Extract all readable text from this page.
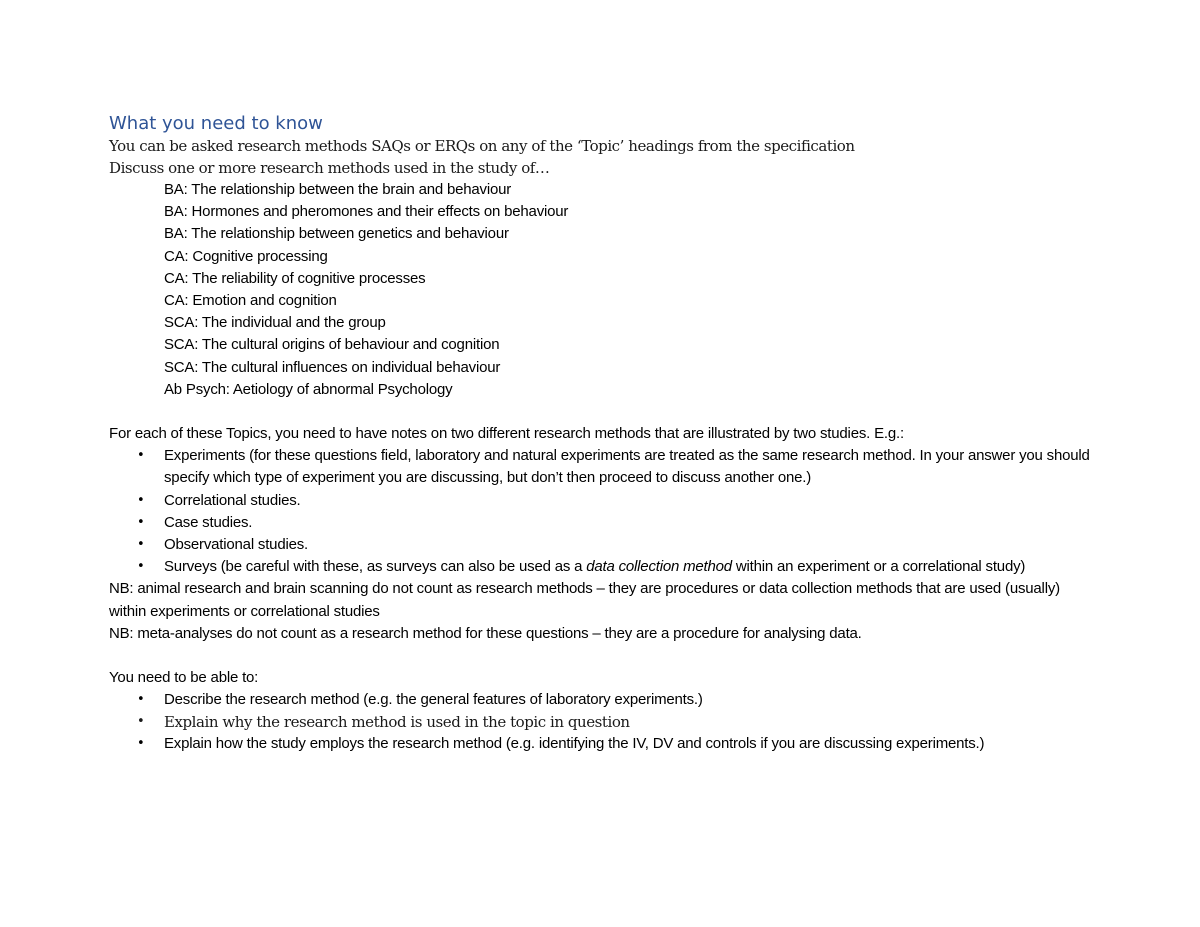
What you need to know
You can be asked research methods SAQs or ERQs on any of the ‘Topic’ headings from the specification
Discuss one or more research methods used in the study of…
BA: The relationship between the brain and behaviour
BA: Hormones and pheromones and their effects on behaviour
BA: The relationship between genetics and behaviour
CA: Cognitive processing
CA: The reliability of cognitive processes
CA: Emotion and cognition
SCA: The individual and the group
SCA: The cultural origins of behaviour and cognition
SCA: The cultural influences on individual behaviour
Ab Psych: Aetiology of abnormal Psychology
For each of these Topics, you need to have notes on two different research methods that are illustrated by two studies. E.g.:
• Experiments (for these questions field, laboratory and natural experiments are treated as the same research method. In your answer you should specify which type of experiment you are discussing, but don’t then proceed to discuss another one.)
• Correlational studies.
• Case studies.
• Observational studies.
• Surveys (be careful with these, as surveys can also be used as a data collection method within an experiment or a correlational study)
NB: animal research and brain scanning do not count as research methods – they are procedures or data collection methods that are used (usually) within experiments or correlational studies
NB: meta-analyses do not count as a research method for these questions – they are a procedure for analysing data.
You need to be able to:
• Describe the research method (e.g. the general features of laboratory experiments.)
• Explain why the research method is used in the topic in question
• Explain how the study employs the research method (e.g. identifying the IV, DV and controls if you are discussing experiments.)
